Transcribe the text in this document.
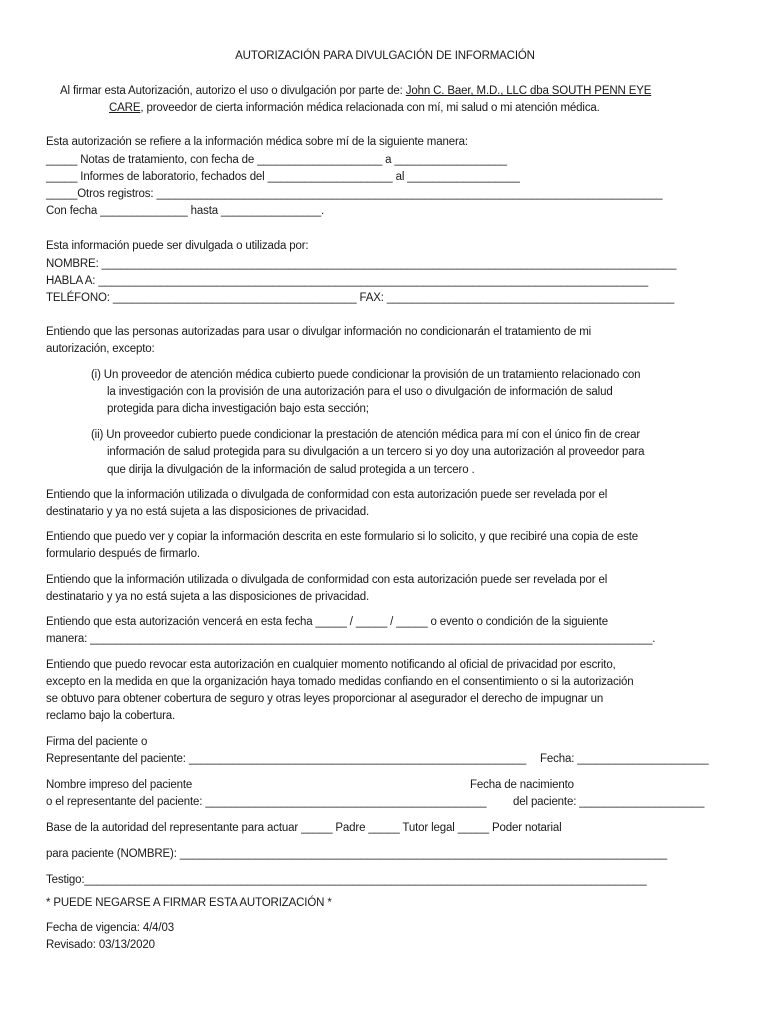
AUTORIZACIÓN PARA DIVULGACIÓN DE INFORMACIÓN
Al firmar esta Autorización, autorizo el uso o divulgación por parte de: John C. Baer, M.D., LLC dba SOUTH PENN EYE
CARE, proveedor de cierta información médica relacionada con mí, mi salud o mi atención médica.
Esta autorización se refiere a la información médica sobre mí de la siguiente manera:
_____ Notas de tratamiento, con fecha de ____________________ a __________________
_____ Informes de laboratorio, fechados del ____________________ al __________________
_____Otros registros: _________________________________________________________________________________
Con fecha ______________ hasta ________________.
Esta información puede ser divulgada o utilizada por:
NOMBRE: ____________________________________________________________________________________________
HABLA A: ________________________________________________________________________________________
TELÉFONO: _______________________________________ FAX: ______________________________________________
Entiendo que las personas autorizadas para usar o divulgar información no condicionarán el tratamiento de mi
autorización, excepto:
(i) Un proveedor de atención médica cubierto puede condicionar la provisión de un tratamiento relacionado con
la investigación con la provisión de una autorización para el uso o divulgación de información de salud
protegida para dicha investigación bajo esta sección;
(ii) Un proveedor cubierto puede condicionar la prestación de atención médica para mí con el único fin de crear
información de salud protegida para su divulgación a un tercero si yo doy una autorización al proveedor para
que dirija la divulgación de la información de salud protegida a un tercero .
Entiendo que la información utilizada o divulgada de conformidad con esta autorización puede ser revelada por el
destinatario y ya no está sujeta a las disposiciones de privacidad.
Entiendo que puedo ver y copiar la información descrita en este formulario si lo solicito, y que recibiré una copia de este
formulario después de firmarlo.
Entiendo que la información utilizada o divulgada de conformidad con esta autorización puede ser revelada por el
destinatario y ya no está sujeta a las disposiciones de privacidad.
Entiendo que esta autorización vencerá en esta fecha _____ / _____ / _____ o evento o condición de la siguiente
manera: __________________________________________________________________________________________.
Entiendo que puedo revocar esta autorización en cualquier momento notificando al oficial de privacidad por escrito,
excepto en la medida en que la organización haya tomado medidas confiando en el consentimiento o si la autorización
se obtuvo para obtener cobertura de seguro y otras leyes proporcionar al asegurador el derecho de impugnar un
reclamo bajo la cobertura.
Firma del paciente o
Representante del paciente: ______________________________________________________ Fecha: _____________________
Nombre impreso del paciente	Fecha de nacimiento
o el representante del paciente: _____________________________________________ del paciente: ____________________
Base de la autoridad del representante para actuar _____ Padre _____ Tutor legal _____ Poder notarial
para paciente (NOMBRE): ______________________________________________________________________________
Testigo:__________________________________________________________________________________________
* PUEDE NEGARSE A FIRMAR ESTA AUTORIZACIÓN *
Fecha de vigencia: 4/4/03
Revisado: 03/13/2020
